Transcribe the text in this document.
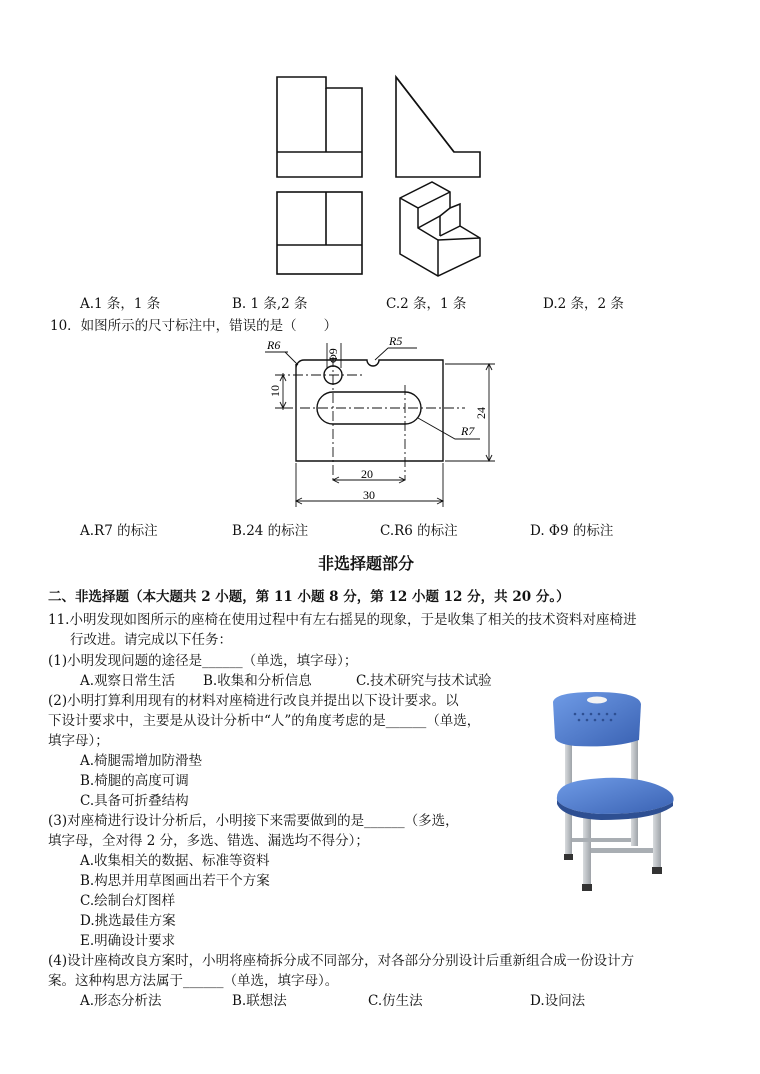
A.1 条，1 条	B. 1 条,2 条	C.2 条，1 条	D.2 条，2 条
10．如图所示的尺寸标注中，错误的是（　　）
R6
Φ9
R5
10
24
R7
20
30
A.R7 的标注	B.24 的标注	C.R6 的标注	D. Φ9 的标注
非选择题部分
二、非选择题（本大题共 2 小题，第 11 小题 8 分，第 12 小题 12 分，共 20 分。）
11.小明发现如图所示的座椅在使用过程中有左右摇晃的现象，于是收集了相关的技术资料对座椅进
行改进。请完成以下任务：
(1)小明发现问题的途径是______（单选，填字母）；
A.观察日常生活 B.收集和分析信息	C.技术研究与技术试验
(2)小明打算利用现有的材料对座椅进行改良并提出以下设计要求。以
下设计要求中，主要是从设计分析中“人”的角度考虑的是______（单选，
填字母）；
A.椅腿需增加防滑垫
B.椅腿的高度可调
C.具备可折叠结构
(3)对座椅进行设计分析后，小明接下来需要做到的是______（多选，
填字母，全对得 2 分，多选、错选、漏选均不得分）；
A.收集相关的数据、标准等资料
B.构思并用草图画出若干个方案
C.绘制台灯图样
D.挑选最佳方案
E.明确设计要求
(4)设计座椅改良方案时，小明将座椅拆分成不同部分，对各部分分别设计后重新组合成一份设计方
案。这种构思方法属于______（单选，填字母）。
A.形态分析法	B.联想法	C.仿生法	D.设问法
